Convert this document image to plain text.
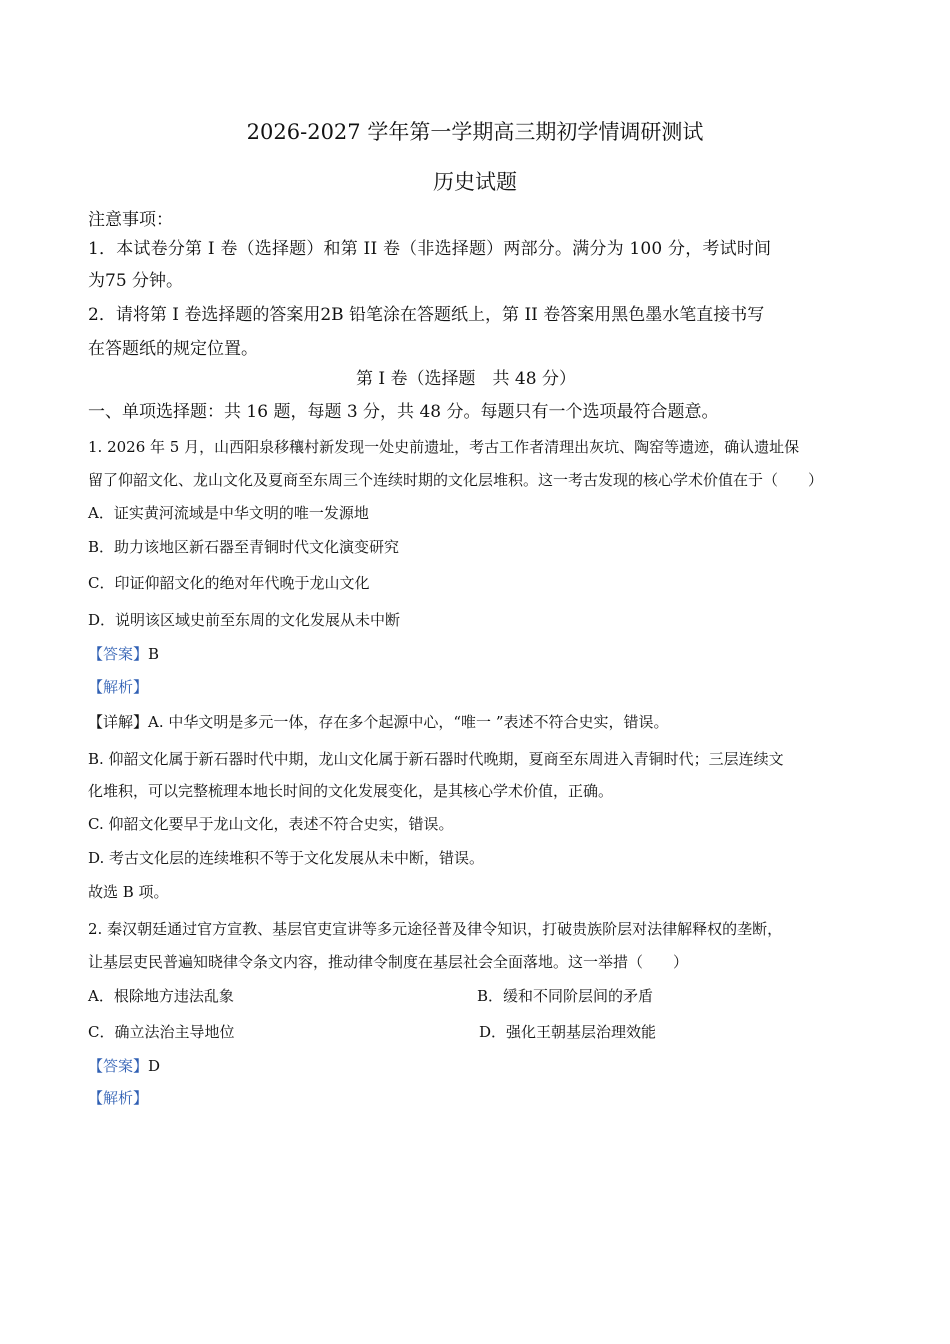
2026-2027 学年第一学期高三期初学情调研测试
历史试题
注意事项：
1．本试卷分第 I 卷（选择题）和第 II 卷（非选择题）两部分。满分为 100 分，考试时间
为75 分钟。
2．请将第 I 卷选择题的答案用2B 铅笔涂在答题纸上，第 II 卷答案用黑色墨水笔直接书写
在答题纸的规定位置。
第 I 卷（选择题　共 48 分）
一、单项选择题：共 16 题，每题 3 分，共 48 分。每题只有一个选项最符合题意。
1. 2026 年 5 月，山西阳泉移穰村新发现一处史前遗址，考古工作者清理出灰坑、陶窑等遗迹，确认遗址保
留了仰韶文化、龙山文化及夏商至东周三个连续时期的文化层堆积。这一考古发现的核心学术价值在于（　　）
A．证实黄河流域是中华文明的唯一发源地
B．助力该地区新石器至青铜时代文化演变研究
C．印证仰韶文化的绝对年代晚于龙山文化
D．说明该区域史前至东周的文化发展从未中断
【答案】B
【解析】
【详解】A. 中华文明是多元一体，存在多个起源中心，“唯一 ”表述不符合史实，错误。
B. 仰韶文化属于新石器时代中期，龙山文化属于新石器时代晚期，夏商至东周进入青铜时代；三层连续文
化堆积，可以完整梳理本地长时间的文化发展变化，是其核心学术价值，正确。
C. 仰韶文化要早于龙山文化，表述不符合史实，错误。
D. 考古文化层的连续堆积不等于文化发展从未中断，错误。
故选 B 项。
2. 秦汉朝廷通过官方宣教、基层官吏宣讲等多元途径普及律令知识，打破贵族阶层对法律解释权的垄断，
让基层吏民普遍知晓律令条文内容，推动律令制度在基层社会全面落地。这一举措（　　）
A．根除地方违法乱象	B．缓和不同阶层间的矛盾
C．确立法治主导地位	D．强化王朝基层治理效能
【答案】D
【解析】
